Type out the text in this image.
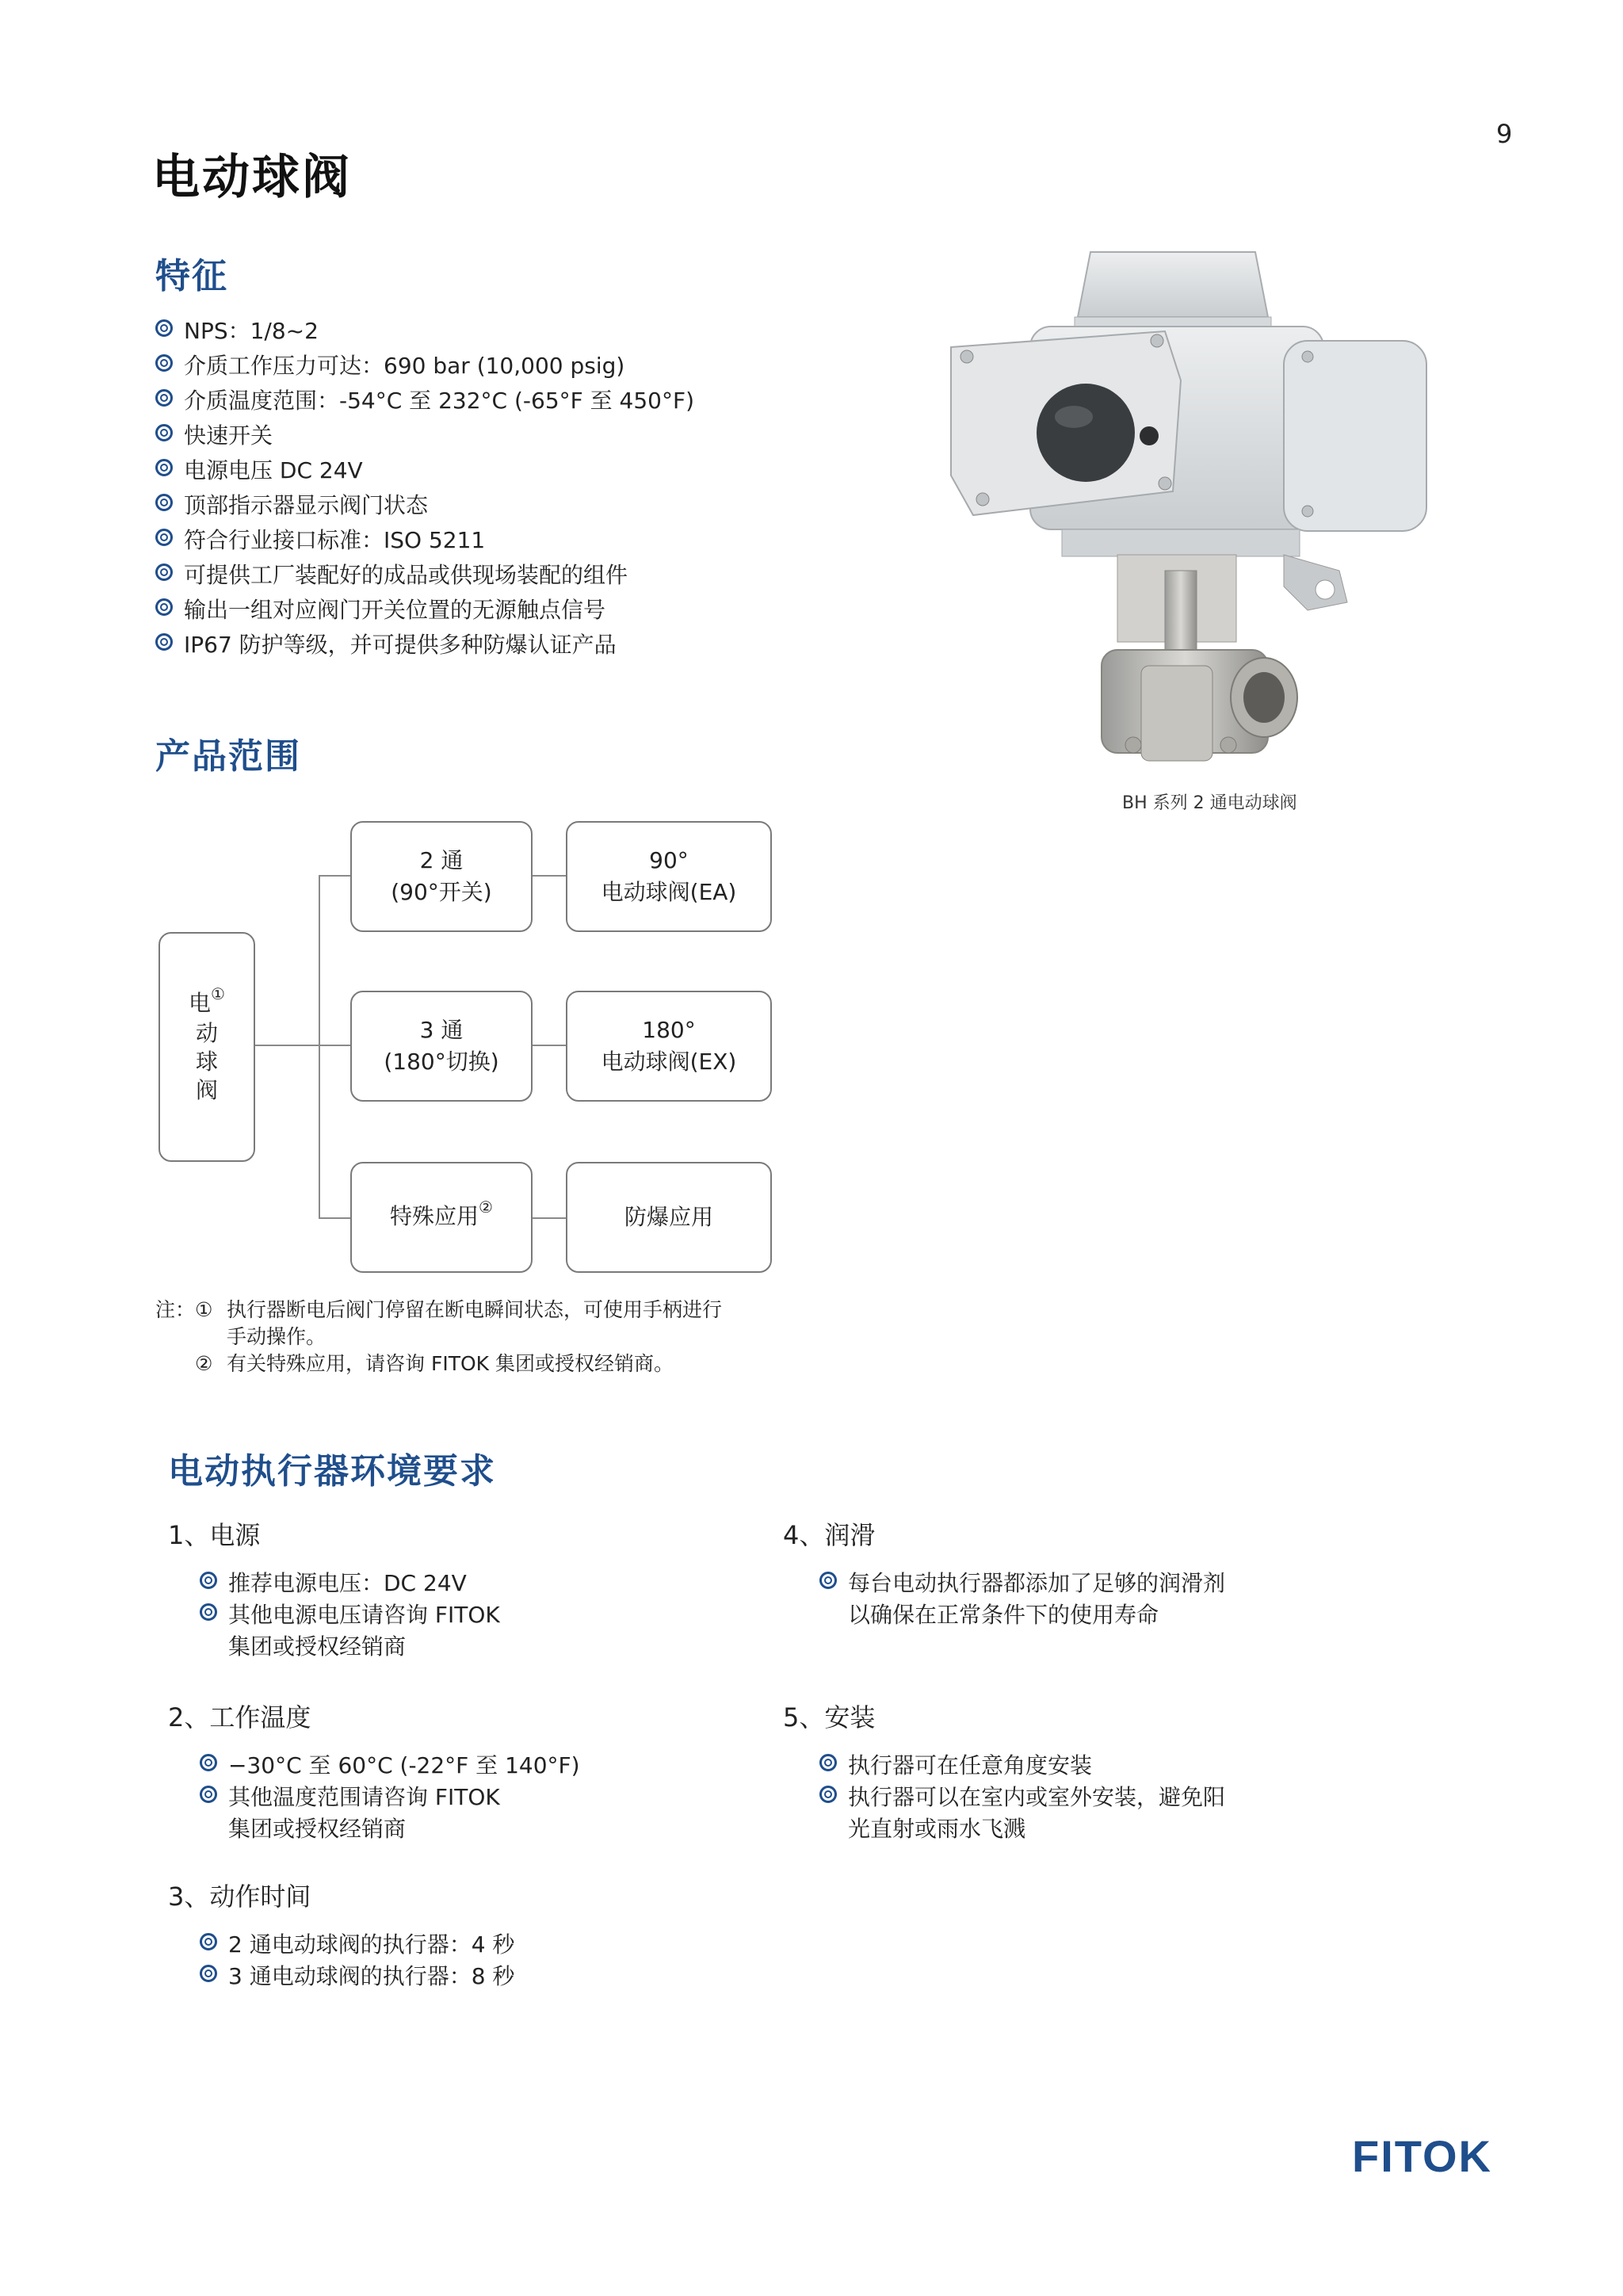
9
电动球阀
特征
NPS：1/8~2
介质工作压力可达：690 bar (10,000 psig)
介质温度范围：-54°C 至 232°C (-65°F 至 450°F)
快速开关
电源电压 DC 24V
顶部指示器显示阀门状态
符合行业接口标准：ISO 5211
可提供工厂装配好的成品或供现场装配的组件
输出一组对应阀门开关位置的无源触点信号
IP67 防护等级，并可提供多种防爆认证产品
BH 系列 2 通电动球阀
产品范围
电①
动
球
阀
2 通
(90°开关)
90°
电动球阀(EA)
3 通
(180°切换)
180°
电动球阀(EX)
特殊应用②	防爆应用
注： ① 执行器断电后阀门停留在断电瞬间状态，可使用手柄进行
手动操作。
② 有关特殊应用，请咨询 FITOK 集团或授权经销商。
电动执行器环境要求
1、电源
推荐电源电压：DC 24V
其他电源电压请咨询 FITOK
集团或授权经销商
2、工作温度
−30°C 至 60°C (-22°F 至 140°F)
其他温度范围请咨询 FITOK
集团或授权经销商
3、动作时间
2 通电动球阀的执行器：4 秒
3 通电动球阀的执行器：8 秒
4、润滑
每台电动执行器都添加了足够的润滑剂
以确保在正常条件下的使用寿命
5、安装
执行器可在任意角度安装
执行器可以在室内或室外安装，避免阳
光直射或雨水飞溅
FITOK
